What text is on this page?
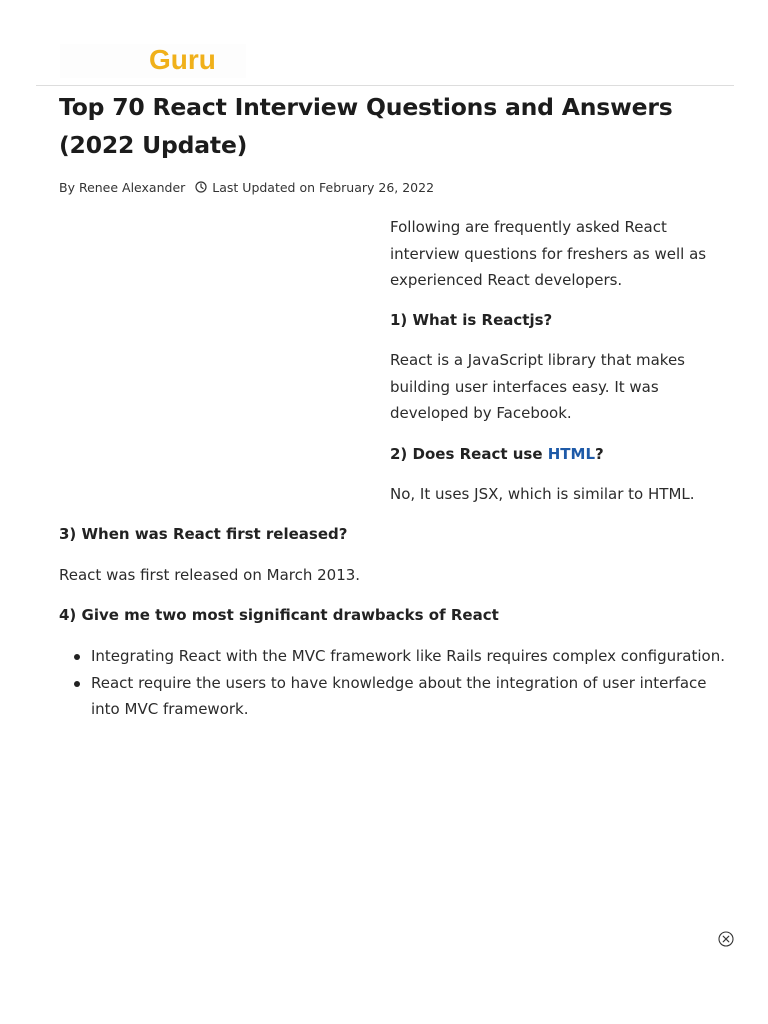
Guru
Top 70 React Interview Questions and Answers (2022 Update)
By Renee Alexander Last Updated on February 26, 2022

Following are frequently asked React interview questions for freshers as well as experienced React developers.

1) What is Reactjs?

React is a JavaScript library that makes building user interfaces easy. It was developed by Facebook.

2) Does React use HTML?

No, It uses JSX, which is similar to HTML.

3) When was React first released?

React was first released on March 2013.

4) Give me two most significant drawbacks of React

Integrating React with the MVC framework like Rails requires complex configuration.
React require the users to have knowledge about the integration of user interface into MVC framework.
